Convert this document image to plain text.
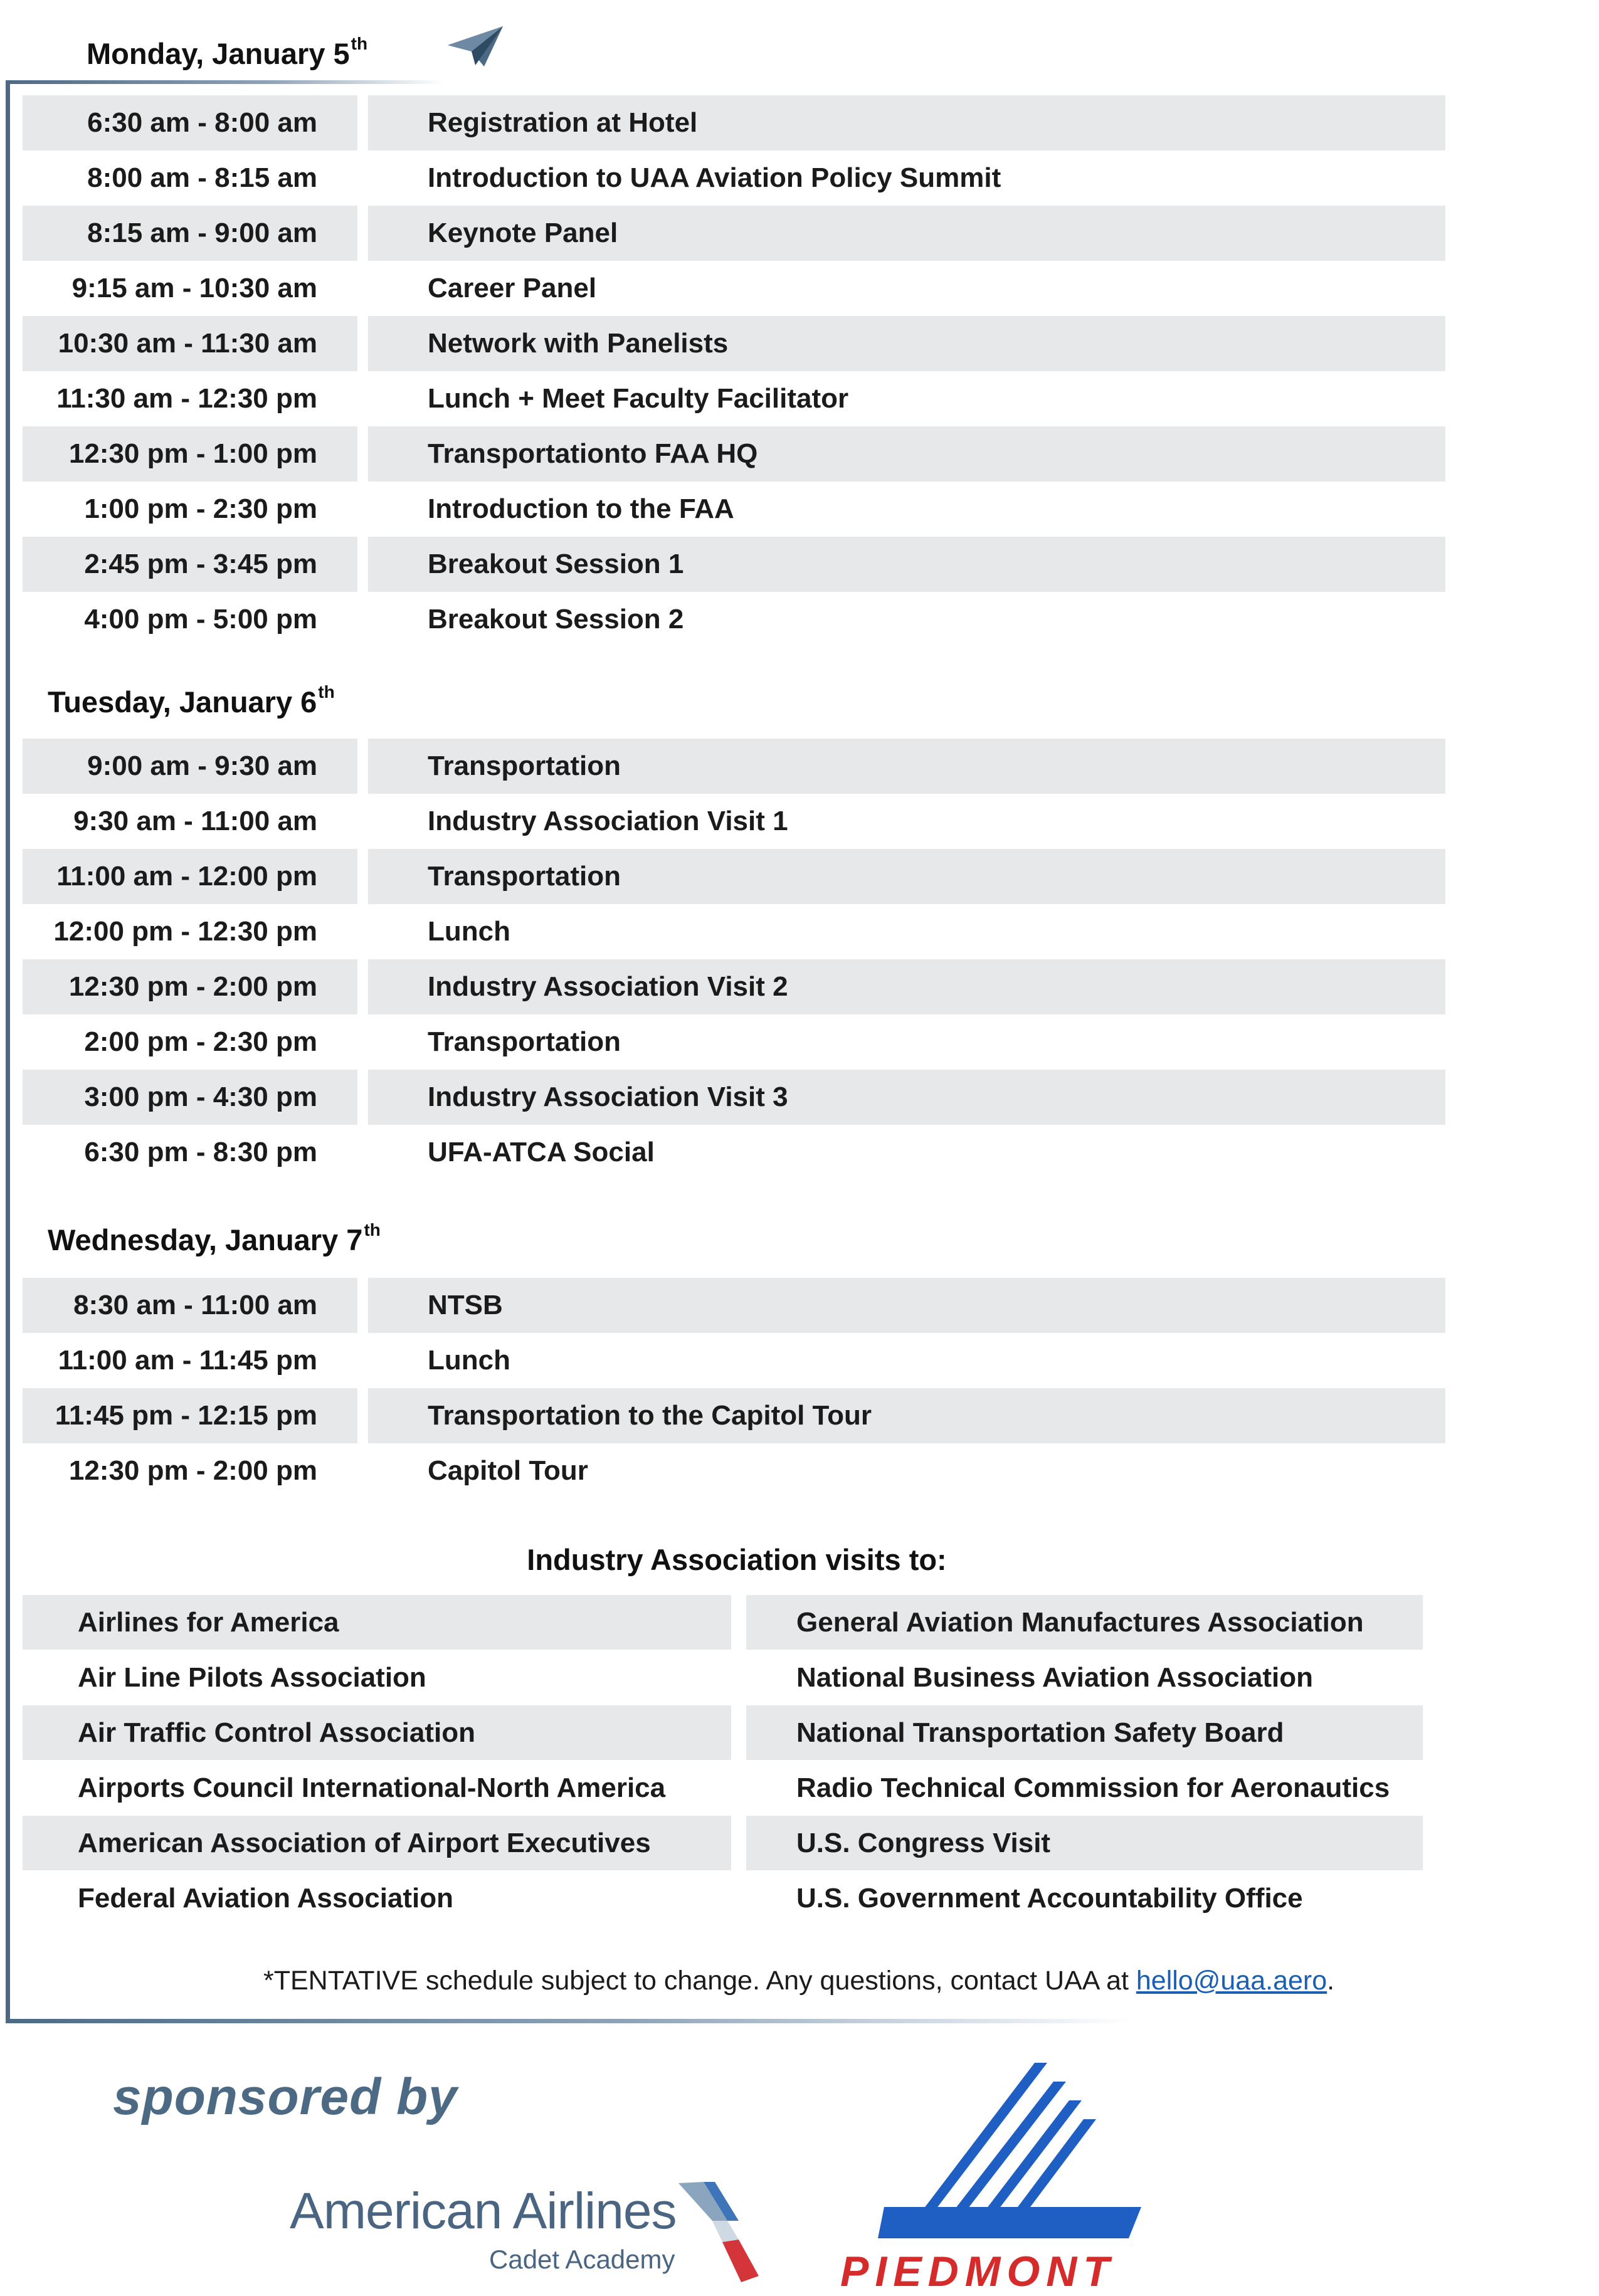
Monday, January 5th
6:30 am - 8:00 am	Registration at Hotel
8:00 am - 8:15 am	Introduction to UAA Aviation Policy Summit
8:15 am - 9:00 am	Keynote Panel
9:15 am - 10:30 am	Career Panel
10:30 am - 11:30 am	Network with Panelists
11:30 am - 12:30 pm	Lunch + Meet Faculty Facilitator
12:30 pm - 1:00 pm	Transportationto FAA HQ
1:00 pm - 2:30 pm	Introduction to the FAA
2:45 pm - 3:45 pm	Breakout Session 1
4:00 pm - 5:00 pm	Breakout Session 2
Tuesday, January 6th
9:00 am - 9:30 am	Transportation
9:30 am - 11:00 am	Industry Association Visit 1
11:00 am - 12:00 pm	Transportation
12:00 pm - 12:30 pm	Lunch
12:30 pm - 2:00 pm	Industry Association Visit 2
2:00 pm - 2:30 pm	Transportation
3:00 pm - 4:30 pm	Industry Association Visit 3
6:30 pm - 8:30 pm	UFA-ATCA Social
Wednesday, January 7th
8:30 am - 11:00 am	NTSB
11:00 am - 11:45 pm	Lunch
11:45 pm - 12:15 pm	Transportation to the Capitol Tour
12:30 pm - 2:00 pm	Capitol Tour
Industry Association visits to:
Airlines for America	General Aviation Manufactures Association
Air Line Pilots Association	National Business Aviation Association
Air Traffic Control Association	National Transportation Safety Board
Airports Council International-North America	Radio Technical Commission for Aeronautics
American Association of Airport Executives	U.S. Congress Visit
Federal Aviation Association	U.S. Government Accountability Office
*TENTATIVE schedule subject to change. Any questions, contact UAA at hello@uaa.aero.
sponsored by
American Airlines
Cadet Academy	PIEDMONT
